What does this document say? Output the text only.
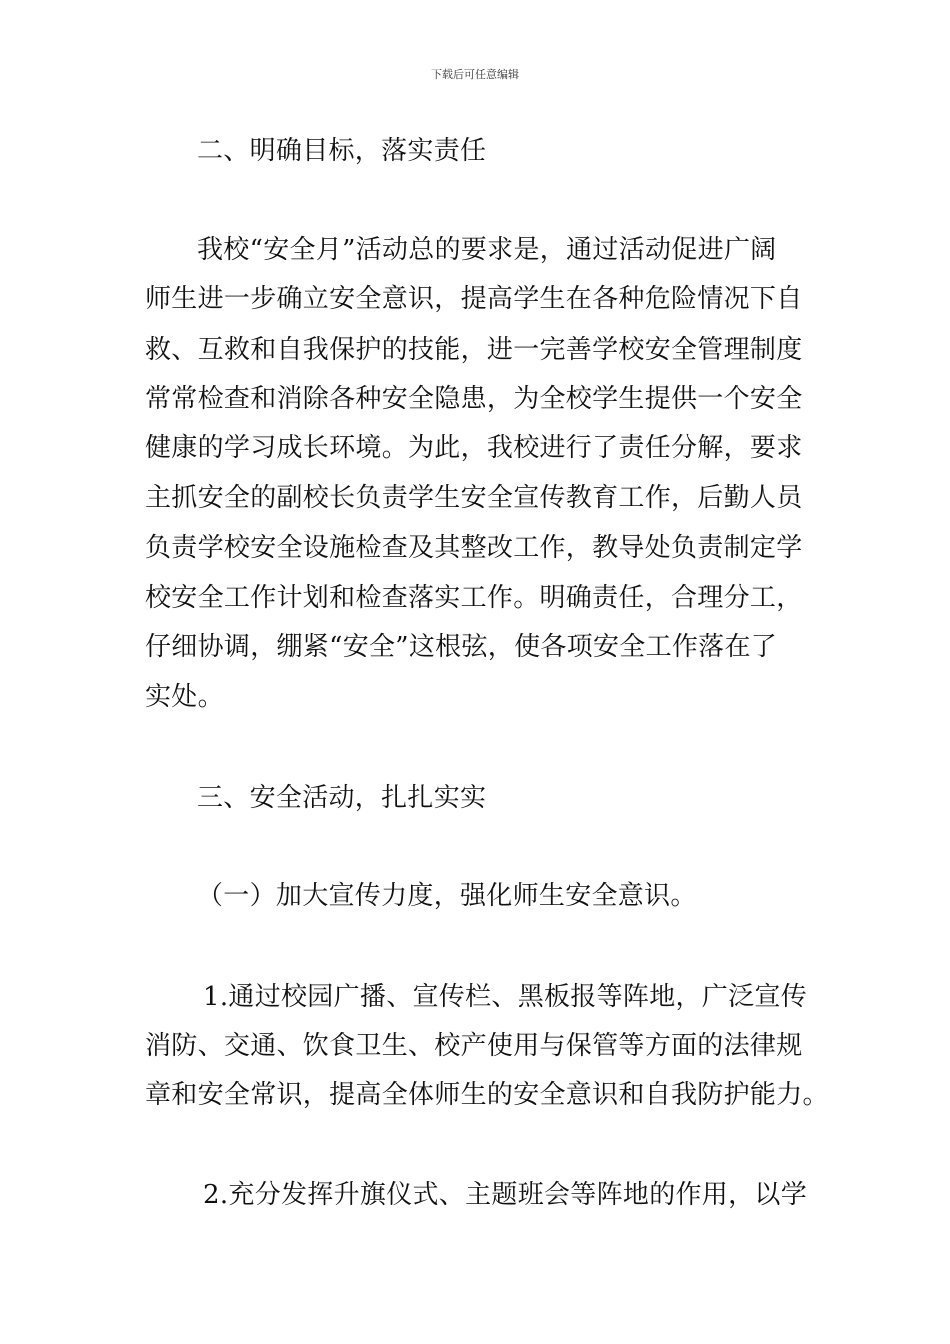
下载后可任意编辑
二、明确目标，落实责任
我校“安全月”活动总的要求是，通过活动促进广阔
师生进一步确立安全意识，提高学生在各种危险情况下自
救、互救和自我保护的技能，进一完善学校安全管理制度
常常检查和消除各种安全隐患，为全校学生提供一个安全
健康的学习成长环境。为此，我校进行了责任分解，要求
主抓安全的副校长负责学生安全宣传教育工作，后勤人员
负责学校安全设施检查及其整改工作，教导处负责制定学
校安全工作计划和检查落实工作。明确责任，合理分工，
仔细协调，绷紧“安全”这根弦，使各项安全工作落在了
实处。
三、安全活动，扎扎实实
（一）加大宣传力度，强化师生安全意识。
1.通过校园广播、宣传栏、黑板报等阵地，广泛宣传
消防、交通、饮食卫生、校产使用与保管等方面的法律规
章和安全常识，提高全体师生的安全意识和自我防护能力。
2.充分发挥升旗仪式、主题班会等阵地的作用，以学
